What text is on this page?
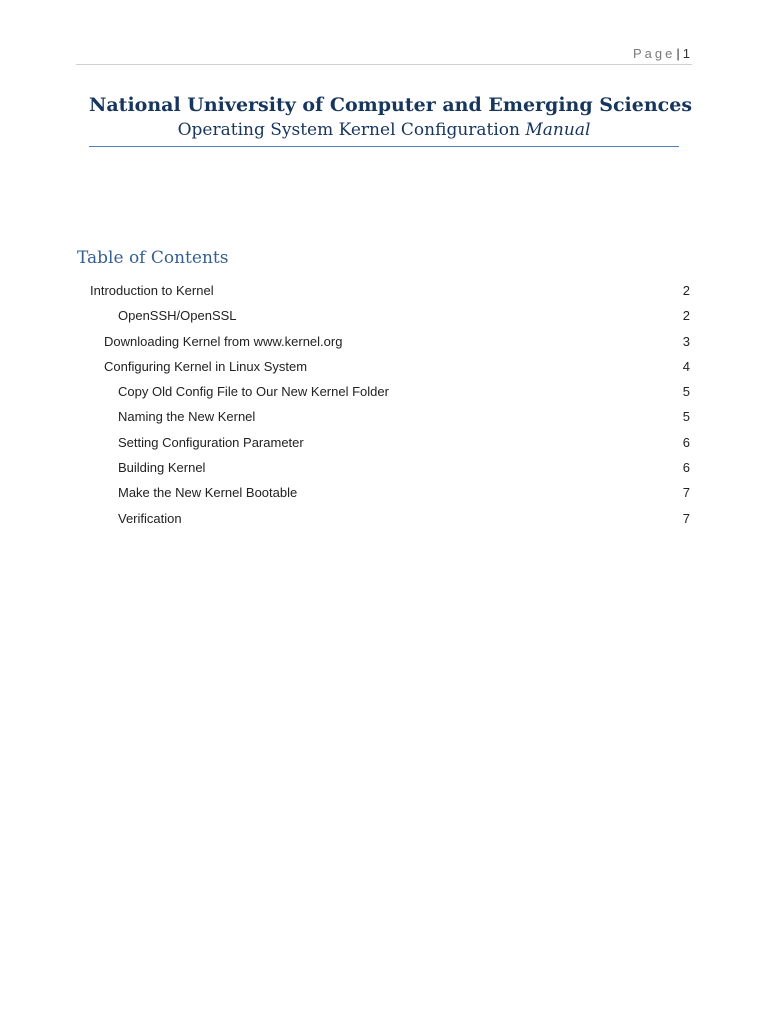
Page| 1
National University of Computer and Emerging Sciences
Operating System Kernel Configuration Manual
Table of Contents
Introduction to Kernel	2
OpenSSH/OpenSSL	2
Downloading Kernel from www.kernel.org	3
Configuring Kernel in Linux System	4
Copy Old Config File to Our New Kernel Folder	5
Naming the New Kernel	5
Setting Configuration Parameter	6
Building Kernel	6
Make the New Kernel Bootable	7
Verification	7
